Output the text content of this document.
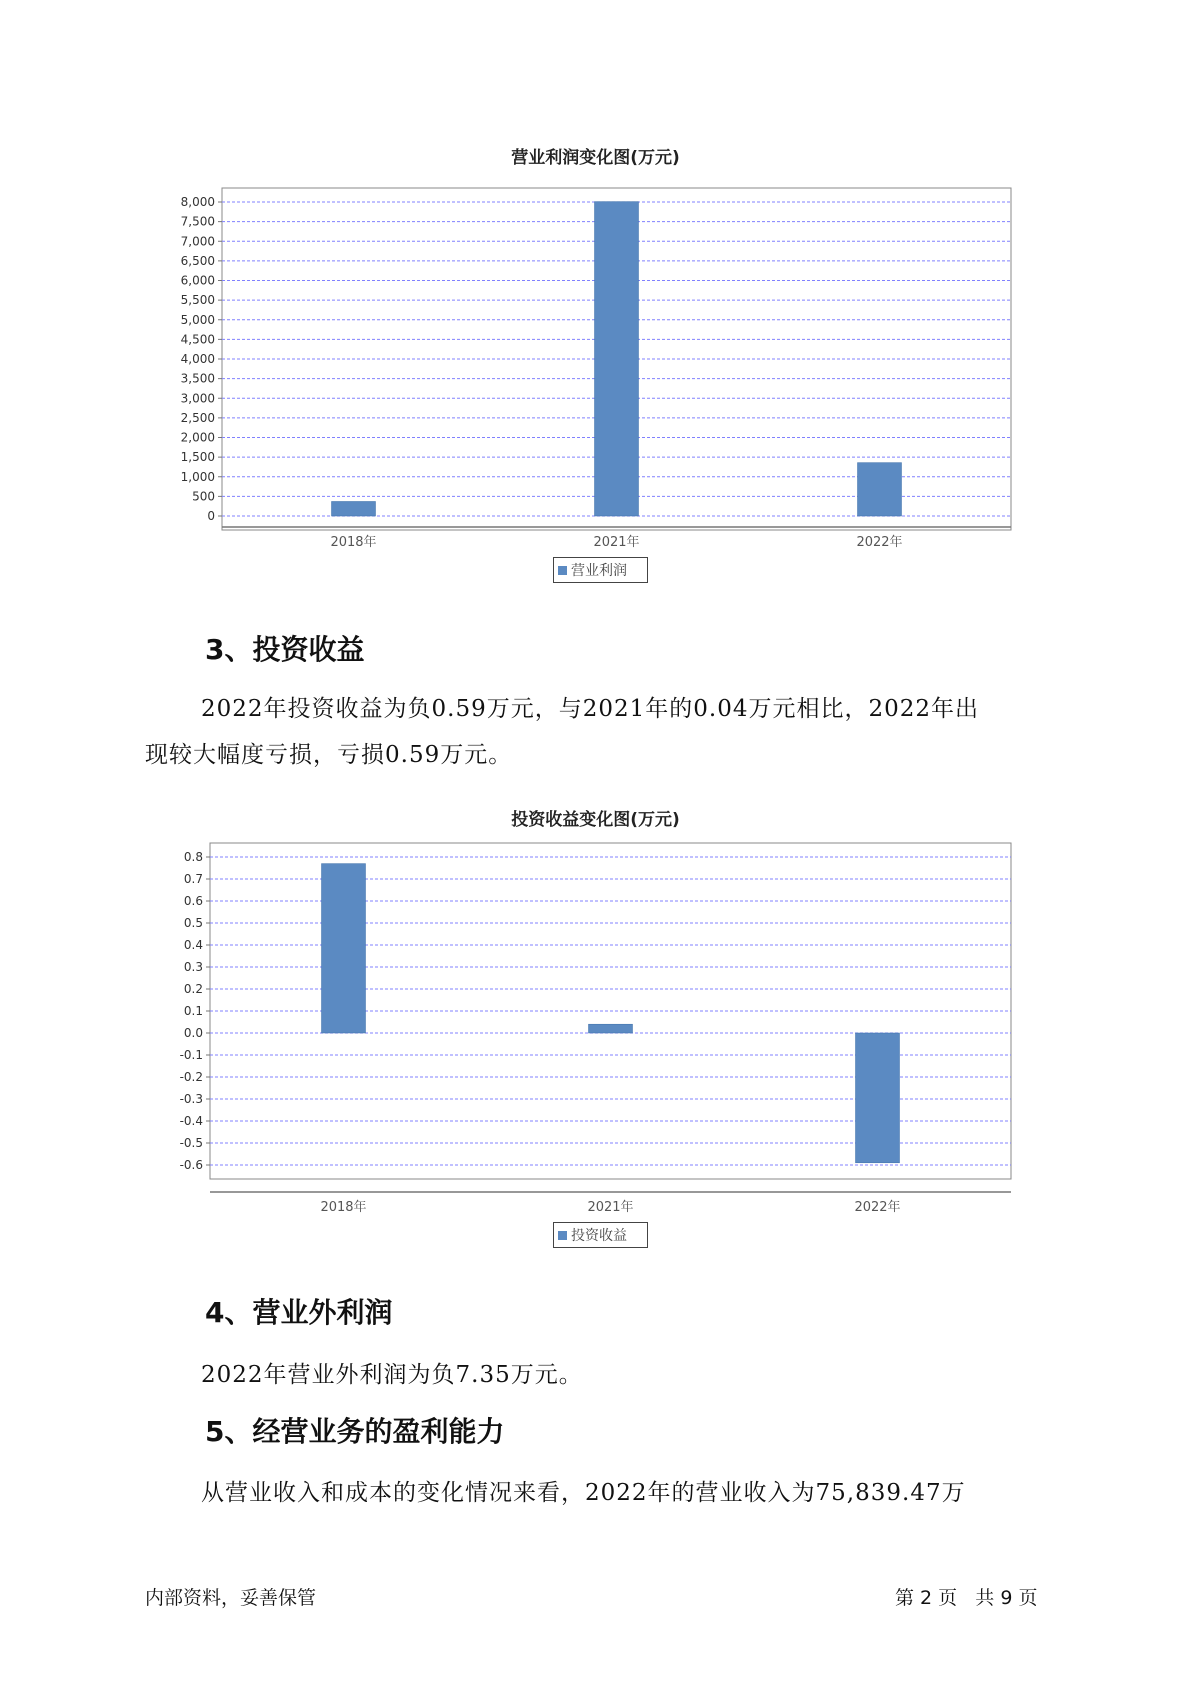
营业利润变化图(万元)
0
500
1,000
1,500
2,000
2,500
3,000
3,500
4,000
4,500
5,000
5,500
6,000
6,500
7,000
7,500
8,000
2018年	2021年	2022年
营业利润
3、投资收益
2022年投资收益为负0.59万元，与2021年的0.04万元相比，2022年出
现较大幅度亏损，亏损0.59万元。
投资收益变化图(万元)
0.8
0.7
0.6
0.5
0.4
0.3
0.2
0.1
0.0
-0.1
-0.2
-0.3
-0.4
-0.5
-0.6
2018年	2021年	2022年
投资收益
4、营业外利润
2022年营业外利润为负7.35万元。
5、经营业务的盈利能力
从营业收入和成本的变化情况来看，2022年的营业收入为75,839.47万
内部资料，妥善保管	第 2 页   共 9 页
